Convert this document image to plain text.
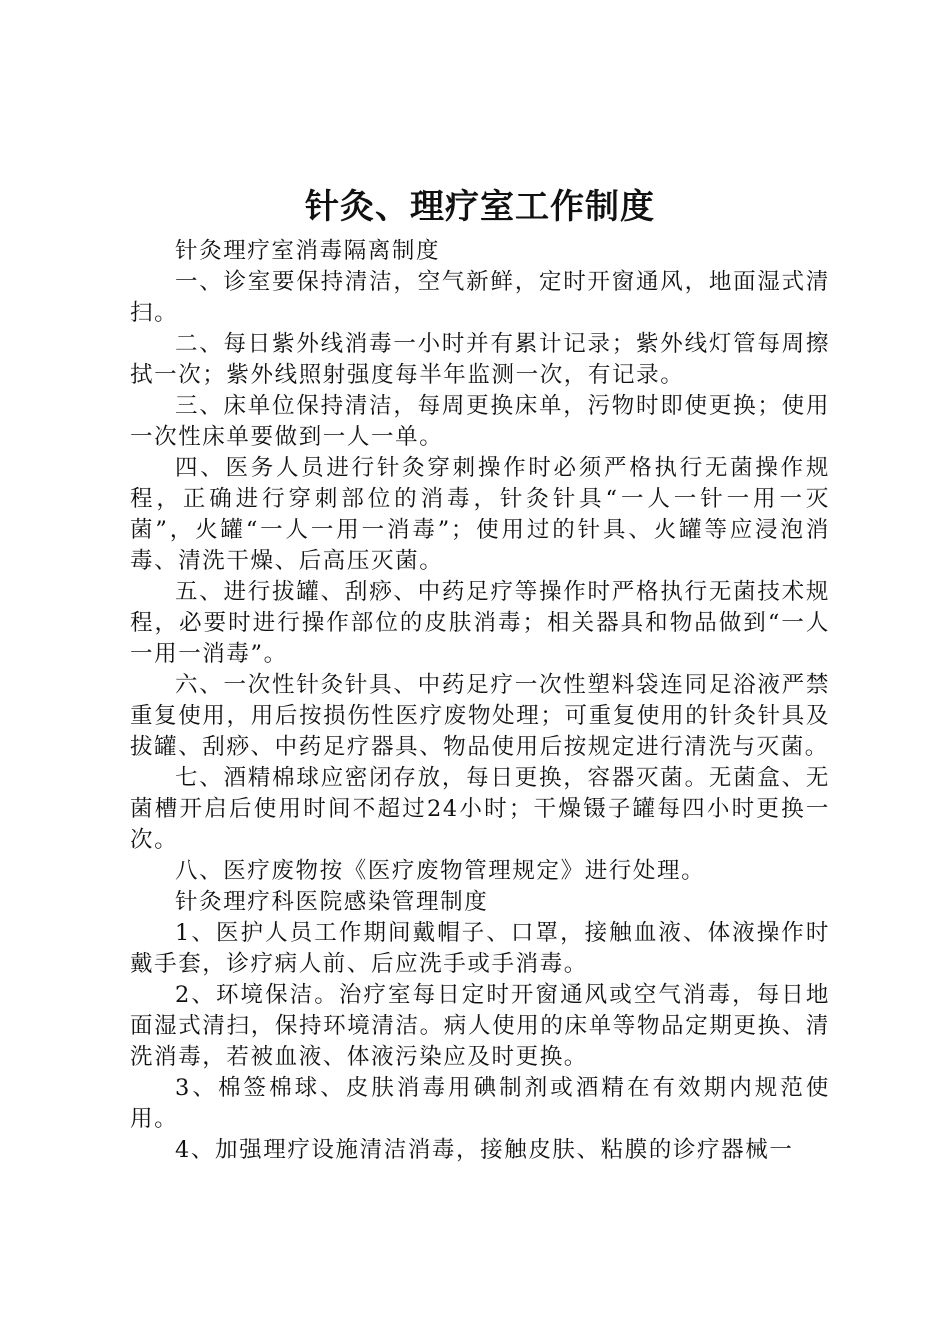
针灸、理疗室工作制度

针灸理疗室消毒隔离制度

一、诊室要保持清洁，空气新鲜，定时开窗通风，地面湿式清扫。

二、每日紫外线消毒一小时并有累计记录；紫外线灯管每周擦拭一次；紫外线照射强度每半年监测一次，有记录。

三、床单位保持清洁，每周更换床单，污物时即使更换；使用一次性床单要做到一人一单。

四、医务人员进行针灸穿刺操作时必须严格执行无菌操作规程，正确进行穿刺部位的消毒，针灸针具“一人一针一用一灭菌”，火罐“一人一用一消毒”；使用过的针具、火罐等应浸泡消毒、清洗干燥、后高压灭菌。

五、进行拔罐、刮痧、中药足疗等操作时严格执行无菌技术规程，必要时进行操作部位的皮肤消毒；相关器具和物品做到“一人一用一消毒”。

六、一次性针灸针具、中药足疗一次性塑料袋连同足浴液严禁重复使用，用后按损伤性医疗废物处理；可重复使用的针灸针具及拔罐、刮痧、中药足疗器具、物品使用后按规定进行清洗与灭菌。

七、酒精棉球应密闭存放，每日更换，容器灭菌。无菌盒、无菌槽开启后使用时间不超过24小时；干燥镊子罐每四小时更换一次。

八、医疗废物按《医疗废物管理规定》进行处理。

针灸理疗科医院感染管理制度

1、医护人员工作期间戴帽子、口罩，接触血液、体液操作时戴手套，诊疗病人前、后应洗手或手消毒。

2、环境保洁。治疗室每日定时开窗通风或空气消毒，每日地面湿式清扫，保持环境清洁。病人使用的床单等物品定期更换、清洗消毒，若被血液、体液污染应及时更换。

3、棉签棉球、皮肤消毒用碘制剂或酒精在有效期内规范使用。

4、加强理疗设施清洁消毒，接触皮肤、粘膜的诊疗器械一
